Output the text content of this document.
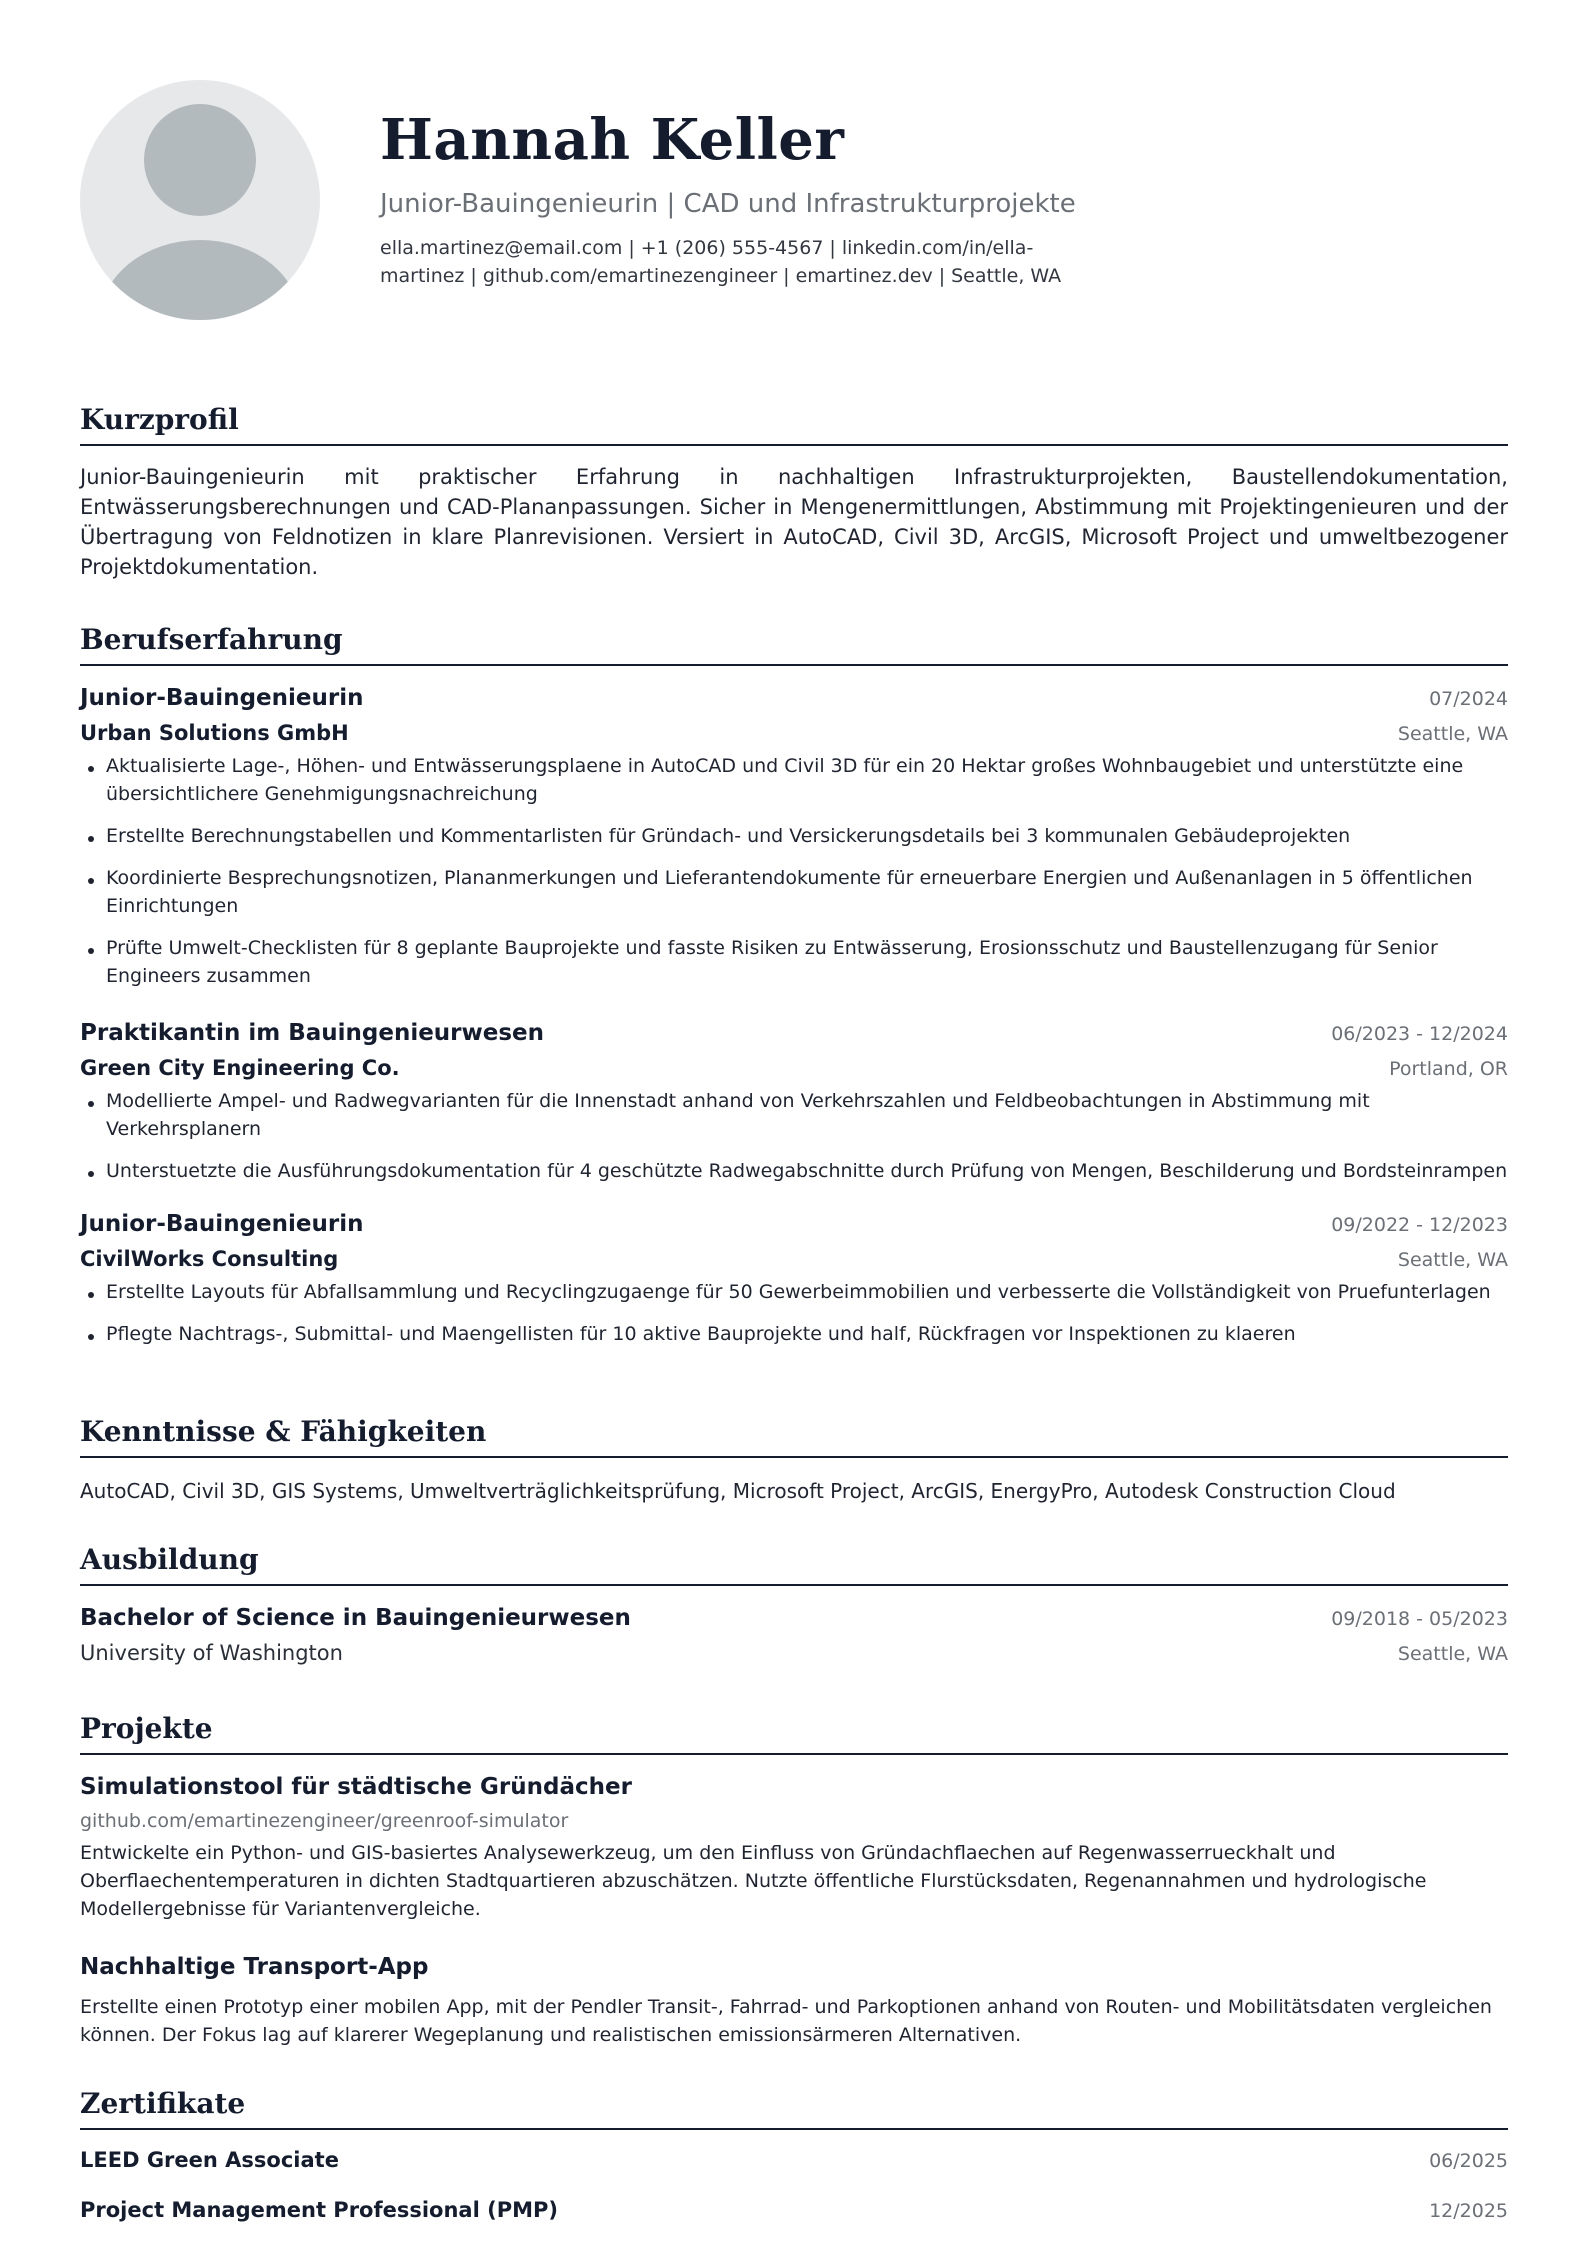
Hannah Keller
Junior-Bauingenieurin | CAD und Infrastrukturprojekte
ella.martinez@email.com | +1 (206) 555-4567 | linkedin.com/in/ella-martinez | github.com/emartinezengineer | emartinez.dev | Seattle, WA
Kurzprofil
Junior-Bauingenieurin mit praktischer Erfahrung in nachhaltigen Infrastrukturprojekten, Baustellendokumentation, Entwässerungsberechnungen und CAD-Plananpassungen. Sicher in Mengenermittlungen, Abstimmung mit Projektingenieuren und der Übertragung von Feldnotizen in klare Planrevisionen. Versiert in AutoCAD, Civil 3D, ArcGIS, Microsoft Project und umweltbezogener Projektdokumentation.
Berufserfahrung
Junior-Bauingenieurin	07/2024
Urban Solutions GmbH	Seattle, WA
Aktualisierte Lage-, Höhen- und Entwässerungsplaene in AutoCAD und Civil 3D für ein 20 Hektar großes Wohnbaugebiet und unterstützte eine übersichtlichere Genehmigungsnachreichung
Erstellte Berechnungstabellen und Kommentarlisten für Gründach- und Versickerungsdetails bei 3 kommunalen Gebäudeprojekten
Koordinierte Besprechungsnotizen, Plananmerkungen und Lieferantendokumente für erneuerbare Energien und Außenanlagen in 5 öffentlichen Einrichtungen
Prüfte Umwelt-Checklisten für 8 geplante Bauprojekte und fasste Risiken zu Entwässerung, Erosionsschutz und Baustellenzugang für Senior Engineers zusammen
Praktikantin im Bauingenieurwesen	06/2023 - 12/2024
Green City Engineering Co.	Portland, OR
Modellierte Ampel- und Radwegvarianten für die Innenstadt anhand von Verkehrszahlen und Feldbeobachtungen in Abstimmung mit Verkehrsplanern
Unterstuetzte die Ausführungsdokumentation für 4 geschützte Radwegabschnitte durch Prüfung von Mengen, Beschilderung und Bordsteinrampen
Junior-Bauingenieurin	09/2022 - 12/2023
CivilWorks Consulting	Seattle, WA
Erstellte Layouts für Abfallsammlung und Recyclingzugaenge für 50 Gewerbeimmobilien und verbesserte die Vollständigkeit von Pruefunterlagen
Pflegte Nachtrags-, Submittal- und Maengellisten für 10 aktive Bauprojekte und half, Rückfragen vor Inspektionen zu klaeren
Kenntnisse & Fähigkeiten
AutoCAD, Civil 3D, GIS Systems, Umweltverträglichkeitsprüfung, Microsoft Project, ArcGIS, EnergyPro, Autodesk Construction Cloud
Ausbildung
Bachelor of Science in Bauingenieurwesen	09/2018 - 05/2023
University of Washington	Seattle, WA
Projekte
Simulationstool für städtische Gründächer
github.com/emartinezengineer/greenroof-simulator
Entwickelte ein Python- und GIS-basiertes Analysewerkzeug, um den Einfluss von Gründachflaechen auf Regenwasserrueckhalt und Oberflaechentemperaturen in dichten Stadtquartieren abzuschätzen. Nutzte öffentliche Flurstücksdaten, Regenannahmen und hydrologische Modellergebnisse für Variantenvergleiche.
Nachhaltige Transport-App
Erstellte einen Prototyp einer mobilen App, mit der Pendler Transit-, Fahrrad- und Parkoptionen anhand von Routen- und Mobilitätsdaten vergleichen können. Der Fokus lag auf klarerer Wegeplanung und realistischen emissionsärmeren Alternativen.
Zertifikate
LEED Green Associate	06/2025
Project Management Professional (PMP)	12/2025
